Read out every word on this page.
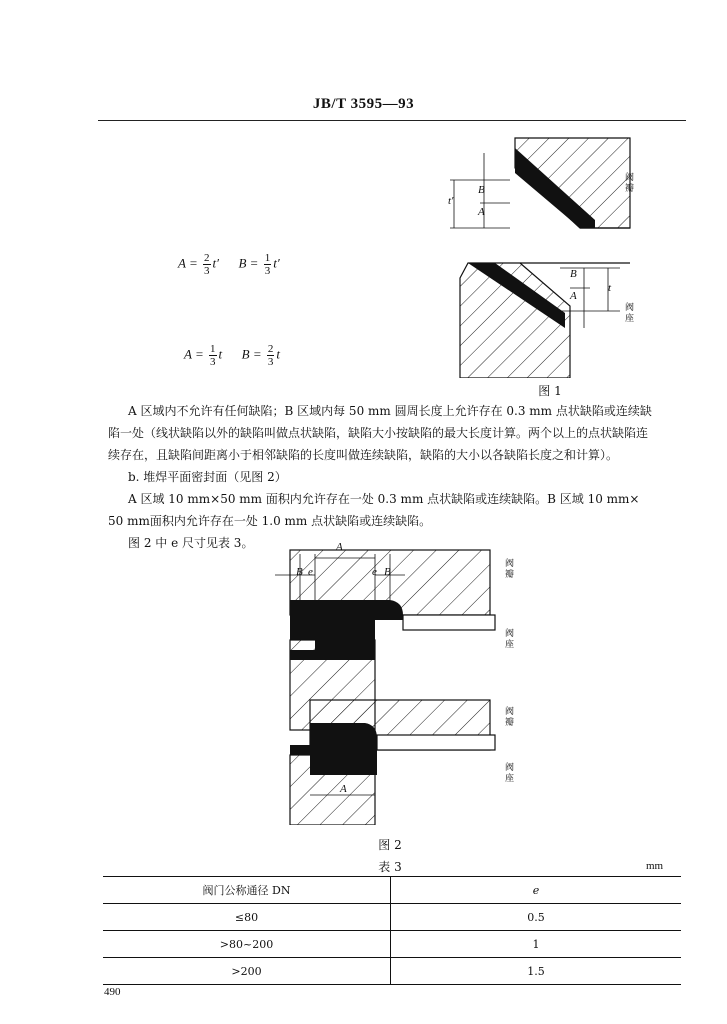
JB/T 3595—93
$A = \frac{2}{3} t'$ $B = \frac{1}{3} t'$
$A = \frac{1}{3}$ t $B = \frac{2}{3}$ t
t′
B
A
B
A
t
阀瓣
阀座
图 1
A 区域内不允许有任何缺陷；B 区域内每 50 mm 圆周长度上允许存在 0.3 mm 点状缺陷或连续缺
陷一处（线状缺陷以外的缺陷叫做点状缺陷，缺陷大小按缺陷的最大长度计算。两个以上的点状缺陷连
续存在，且缺陷间距离小于相邻缺陷的长度叫做连续缺陷，缺陷的大小以各缺陷长度之和计算）。
b. 堆焊平面密封面（见图 2）
A 区域 10 mm×50 mm 面积内允许存在一处 0.3 mm 点状缺陷或连续缺陷。B 区域 10 mm×
50 mm面积内允许存在一处 1.0 mm 点状缺陷或连续缺陷。
图 2 中 e 尺寸见表 3。	A
B e	e B
A
阀瓣
阀座
阀瓣
阀座
图 2
表 3	mm
阀门公称通径 DN	e
≤80	0.5
>80~200	1
>200	1.5
490
